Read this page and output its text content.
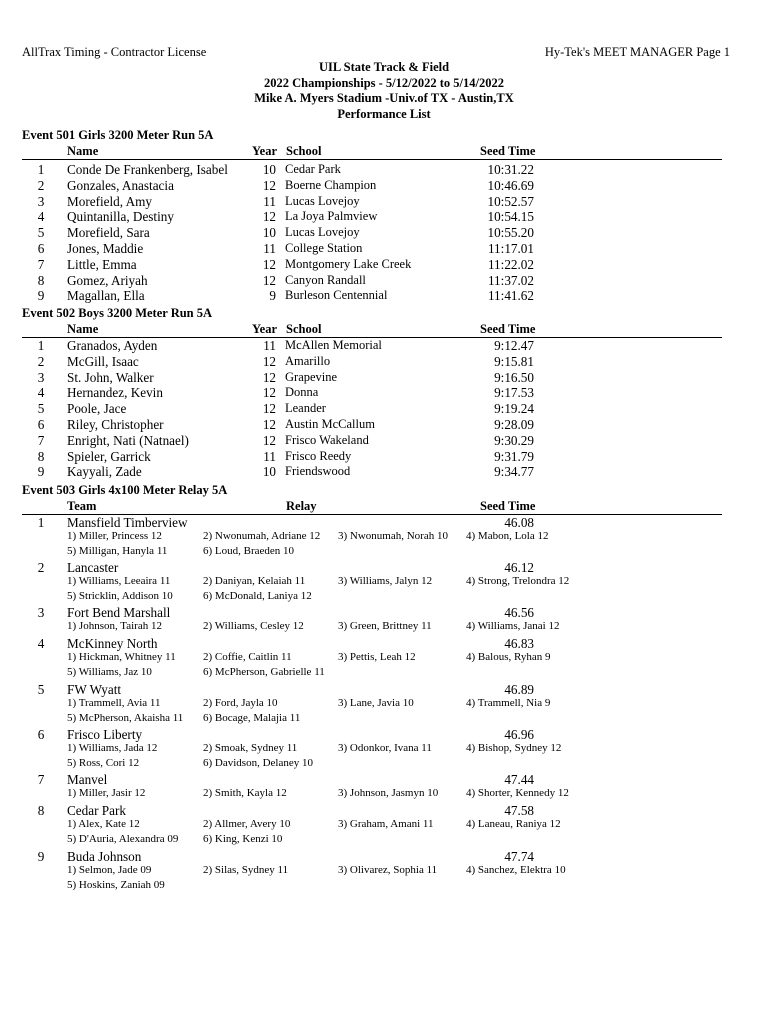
AllTrax Timing - Contractor License	Hy-Tek's MEET MANAGER Page 1
UIL State Track & Field
2022 Championships - 5/12/2022 to 5/14/2022
Mike A. Myers Stadium -Univ.of TX - Austin,TX
Performance List
Event 501 Girls 3200 Meter Run 5A
Name	Year School	Seed Time
1	Conde De Frankenberg, Isabel	10 Cedar Park	10:31.22
2	Gonzales, Anastacia	12 Boerne Champion	10:46.69
3	Morefield, Amy	11 Lucas Lovejoy	10:52.57
4	Quintanilla, Destiny	12 La Joya Palmview	10:54.15
5	Morefield, Sara	10 Lucas Lovejoy	10:55.20
6	Jones, Maddie	11 College Station	11:17.01
7	Little, Emma	12 Montgomery Lake Creek	11:22.02
8	Gomez, Ariyah	12 Canyon Randall	11:37.02
9	Magallan, Ella	9 Burleson Centennial	11:41.62
Event 502 Boys 3200 Meter Run 5A
Name	Year School	Seed Time
1	Granados, Ayden	11 McAllen Memorial	9:12.47
2	McGill, Isaac	12 Amarillo	9:15.81
3	St. John, Walker	12 Grapevine	9:16.50
4	Hernandez, Kevin	12 Donna	9:17.53
5	Poole, Jace	12 Leander	9:19.24
6	Riley, Christopher	12 Austin McCallum	9:28.09
7	Enright, Nati (Natnael)	12 Frisco Wakeland	9:30.29
8	Spieler, Garrick	11 Frisco Reedy	9:31.79
9	Kayyali, Zade	10 Friendswood	9:34.77
Event 503 Girls 4x100 Meter Relay 5A
Team	Relay	Seed Time
1	Mansfield Timberview	46.08
1) Miller, Princess 12	2) Nwonumah, Adriane 12 3) Nwonumah, Norah 10 4) Mabon, Lola 12
5) Milligan, Hanyla 11	6) Loud, Braeden 10
2	Lancaster	46.12
1) Williams, Leeaira 11	2) Daniyan, Kelaiah 11	3) Williams, Jalyn 12	4) Strong, Trelondra 12
5) Stricklin, Addison 10	6) McDonald, Laniya 12
3	Fort Bend Marshall	46.56
1) Johnson, Tairah 12	2) Williams, Cesley 12	3) Green, Brittney 11	4) Williams, Janai 12
4	McKinney North	46.83
1) Hickman, Whitney 11 2) Coffie, Caitlin 11	3) Pettis, Leah 12	4) Balous, Ryhan 9
5) Williams, Jaz 10	6) McPherson, Gabrielle 11
5	FW Wyatt	46.89
1) Trammell, Avia 11	2) Ford, Jayla 10	3) Lane, Javia 10	4) Trammell, Nia 9
5) McPherson, Akaisha 11 6) Bocage, Malajia 11
6	Frisco Liberty	46.96
1) Williams, Jada 12	2) Smoak, Sydney 11	3) Odonkor, Ivana 11	4) Bishop, Sydney 12
5) Ross, Cori 12	6) Davidson, Delaney 10
7	Manvel	47.44
1) Miller, Jasir 12	2) Smith, Kayla 12	3) Johnson, Jasmyn 10	4) Shorter, Kennedy 12
8	Cedar Park	47.58
1) Alex, Kate 12	2) Allmer, Avery 10	3) Graham, Amani 11	4) Laneau, Raniya 12
5) D'Auria, Alexandra 09 6) King, Kenzi 10
9	Buda Johnson	47.74
1) Selmon, Jade 09	2) Silas, Sydney 11	3) Olivarez, Sophia 11	4) Sanchez, Elektra 10
5) Hoskins, Zaniah 09
